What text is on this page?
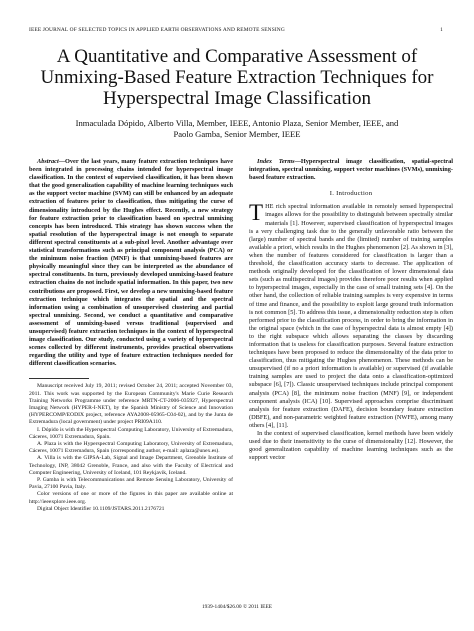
IEEE JOURNAL OF SELECTED TOPICS IN APPLIED EARTH OBSERVATIONS AND REMOTE SENSING	1
A Quantitative and Comparative Assessment of Unmixing-Based Feature Extraction Techniques for Hyperspectral Image Classification
Inmaculada Dópido, Alberto Villa, Member, IEEE, Antonio Plaza, Senior Member, IEEE, and
Paolo Gamba, Senior Member, IEEE
Abstract—Over the last years, many feature extraction techniques have been integrated in processing chains intended for hyperspectral image classification. In the context of supervised classification, it has been shown that the good generalization capability of machine learning techniques such as the support vector machine (SVM) can still be enhanced by an adequate extraction of features prior to classification, thus mitigating the curse of dimensionality introduced by the Hughes effect. Recently, a new strategy for feature extraction prior to classification based on spectral unmixing concepts has been introduced. This strategy has shown success when the spatial resolution of the hyperspectral image is not enough to separate different spectral constituents at a sub-pixel level. Another advantage over statistical transformations such as principal component analysis (PCA) or the minimum noise fraction (MNF) is that unmixing-based features are physically meaningful since they can be interpreted as the abundance of spectral constituents. In turn, previously developed unmixing-based feature extraction chains do not include spatial information. In this paper, two new contributions are proposed. First, we develop a new unmixing-based feature extraction technique which integrates the spatial and the spectral information using a combination of unsupervised clustering and partial spectral unmixing. Second, we conduct a quantitative and comparative assessment of unmixing-based versus traditional (supervised and unsupervised) feature extraction techniques in the context of hyperspectral image classification. Our study, conducted using a variety of hyperspectral scenes collected by different instruments, provides practical observations regarding the utility and type of feature extraction techniques needed for different classification scenarios.

Manuscript received July 19, 2011; revised October 24, 2011; accepted November 03, 2011. This work was supported by the European Community's Marie Curie Research Training Networks Programme under reference MRTN-CT-2006-035927, Hyperspectral Imaging Network (HYPER-I-NET), by the Spanish Ministry of Science and Innovation (HYPERCOMP/EODIX project, reference AYA2008-05965-C04-02), and by the Junta de Extremadura (local government) under project PRI09A110.

I. Dópido is with the Hyperspectral Computing Laboratory, University of Extremadura, Cáceres, 10071 Extremadura, Spain.

A. Plaza is with the Hyperspectral Computing Laboratory, University of Extremadura, Cáceres, 10071 Extremadura, Spain (corresponding author, e-mail: aplaza@unex.es).

A. Villa is with the GIPSA-Lab, Signal and Image Department, Grenoble Institute of Technology, INP, 38042 Grenoble, France, and also with the Faculty of Electrical and Computer Engineering, University of Iceland, 101 Reykjavik, Iceland.

P. Gamba is with Telecommunications and Remote Sensing Laboratory, University of Pavia, 27100 Pavia, Italy.

Color versions of one or more of the figures in this paper are available online at http://ieeexplore.ieee.org.

Digital Object Identifier 10.1109/JSTARS.2011.2176721

Index Terms—Hyperspectral image classification, spatial-spectral integration, spectral unmixing, support vector machines (SVMs), unmixing-based feature extraction.
I. Introduction

THE rich spectral information available in remotely sensed hyperspectral images allows for the possibility to distinguish between spectrally similar materials [1]. However, supervised classification of hyperspectral images is a very challenging task due to the generally unfavorable ratio between the (large) number of spectral bands and the (limited) number of training samples available a priori, which results in the Hughes phenomenon [2]. As shown in [3], when the number of features considered for classification is larger than a threshold, the classification accuracy starts to decrease. The application of methods originally developed for the classification of lower dimensional data sets (such as multispectral images) provides therefore poor results when applied to hyperspectral images, especially in the case of small training sets [4]. On the other hand, the collection of reliable training samples is very expensive in terms of time and finance, and the possibility to exploit large ground truth information is not common [5]. To address this issue, a dimensionality reduction step is often performed prior to the classification process, in order to bring the information in the original space (which in the case of hyperspectral data is almost empty [4]) to the right subspace which allows separating the classes by discarding information that is useless for classification purposes. Several feature extraction techniques have been proposed to reduce the dimensionality of the data prior to classification, thus mitigating the Hughes phenomenon. These methods can be unsupervised (if no a priori information is available) or supervised (if available training samples are used to project the data onto a classification-optimized subspace [6], [7]). Classic unsupervised techniques include principal component analysis (PCA) [8], the minimum noise fraction (MNF) [9], or independent component analysis (ICA) [10]. Supervised approaches comprise discriminant analysis for feature extraction (DAFE), decision boundary feature extraction (DBFE), and non-parametric weighted feature extraction (NWFE), among many others [4], [11].

In the context of supervised classification, kernel methods have been widely used due to their insensitivity to the curse of dimensionality [12]. However, the good generalization capability of machine learning techniques such as the support vector

1939-1404/$26.00 © 2011 IEEE
